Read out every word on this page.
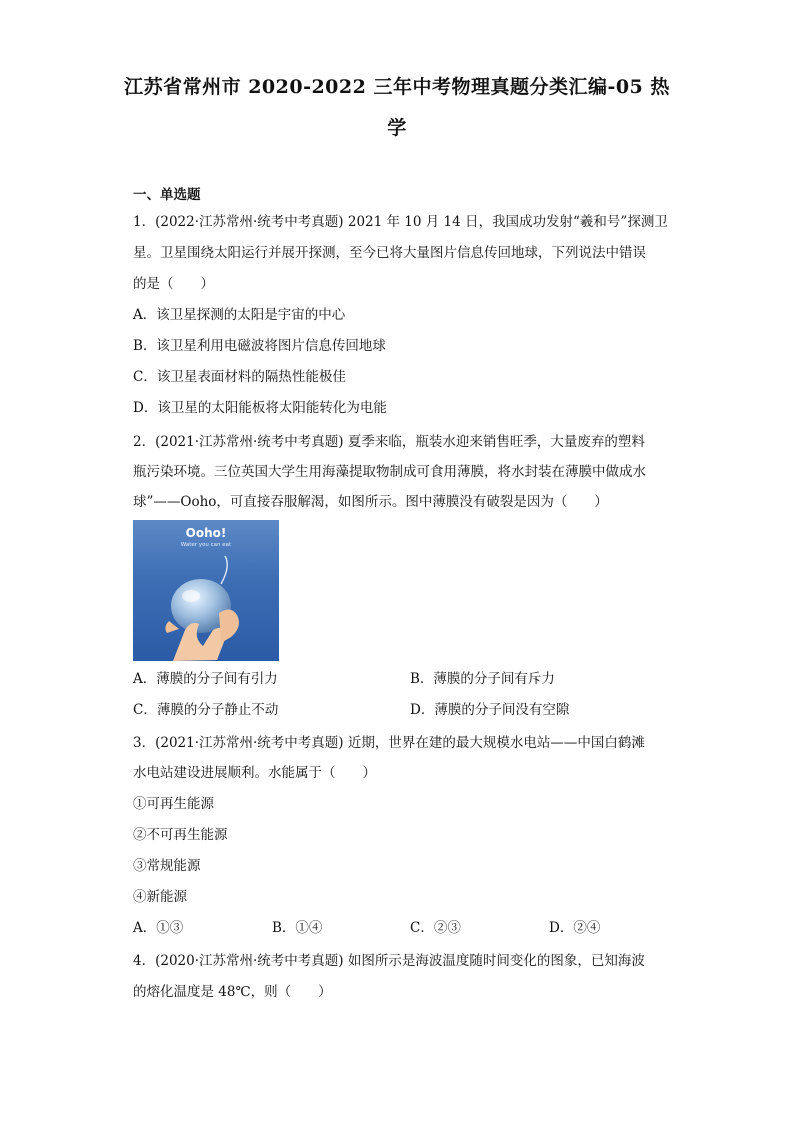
江苏省常州市 2020-2022 三年中考物理真题分类汇编-05 热
学
一、单选题
1．(2022·江苏常州·统考中考真题) 2021 年 10 月 14 日，我国成功发射“羲和号”探测卫
星。卫星围绕太阳运行并展开探测，至今已将大量图片信息传回地球，下列说法中错误
的是（　　）
A．该卫星探测的太阳是宇宙的中心
B．该卫星利用电磁波将图片信息传回地球
C．该卫星表面材料的隔热性能极佳
D．该卫星的太阳能板将太阳能转化为电能
2．(2021·江苏常州·统考中考真题) 夏季来临，瓶装水迎来销售旺季，大量废弃的塑料
瓶污染环境。三位英国大学生用海藻提取物制成可食用薄膜，将水封装在薄膜中做成水
球”——Ooho，可直接吞服解渴，如图所示。图中薄膜没有破裂是因为（　　）
Ooho!
Water you can eat
A．薄膜的分子间有引力	B．薄膜的分子间有斥力
C．薄膜的分子静止不动	D．薄膜的分子间没有空隙
3．(2021·江苏常州·统考中考真题) 近期，世界在建的最大规模水电站——中国白鹤滩
水电站建设进展顺利。水能属于（　　）
①可再生能源
②不可再生能源
③常规能源
④新能源
A．①③	B．①④	C．②③	D．②④
4．(2020·江苏常州·统考中考真题) 如图所示是海波温度随时间变化的图象，已知海波
的熔化温度是 48℃，则（　　）
